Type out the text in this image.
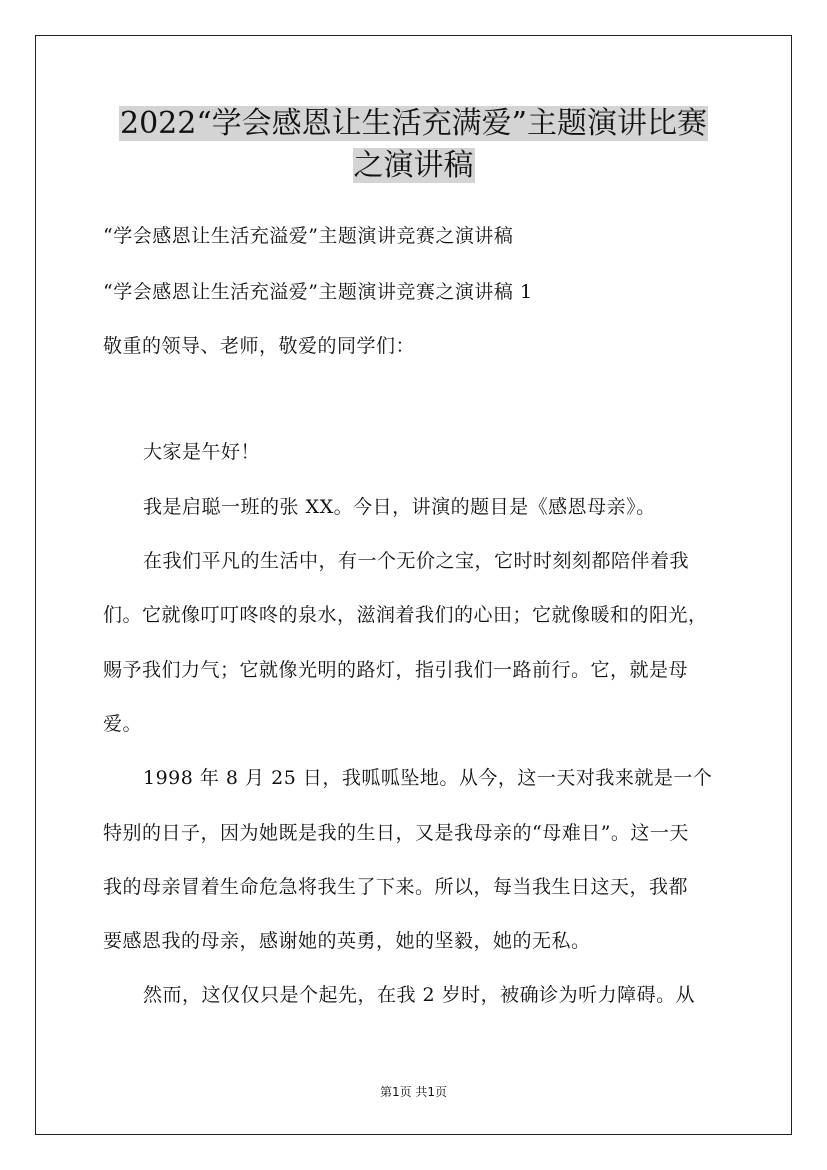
2022“学会感恩让生活充满爱”主题演讲比赛
之演讲稿
“学会感恩让生活充溢爱”主题演讲竞赛之演讲稿
“学会感恩让生活充溢爱”主题演讲竞赛之演讲稿 1
敬重的领导、老师，敬爱的同学们：
大家是午好！
我是启聪一班的张 XX。今日，讲演的题目是《感恩母亲》。
在我们平凡的生活中，有一个无价之宝，它时时刻刻都陪伴着我
们。它就像叮叮咚咚的泉水，滋润着我们的心田；它就像暖和的阳光，
赐予我们力气；它就像光明的路灯，指引我们一路前行。它，就是母
爱。
1998 年 8 月 25 日，我呱呱坠地。从今，这一天对我来就是一个
特别的日子，因为她既是我的生日，又是我母亲的“母难日”。这一天
我的母亲冒着生命危急将我生了下来。所以，每当我生日这天，我都
要感恩我的母亲，感谢她的英勇，她的坚毅，她的无私。
然而，这仅仅只是个起先，在我 2 岁时，被确诊为听力障碍。从
第1页 共1页
